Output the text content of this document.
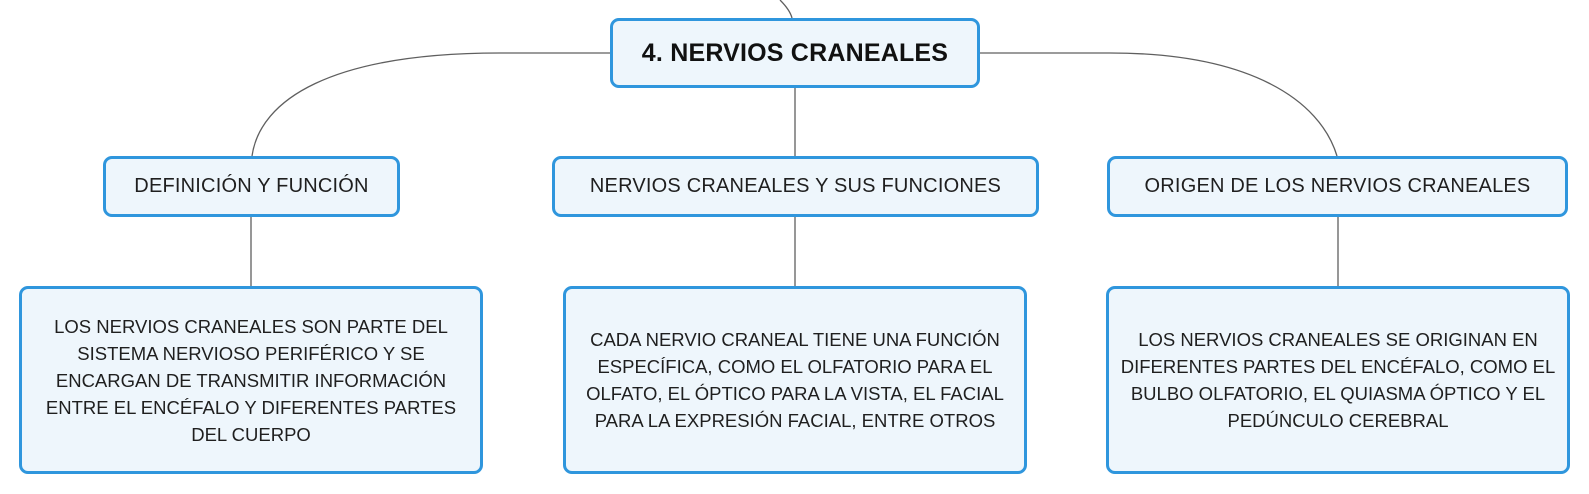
4. NERVIOS CRANEALES
DEFINICIÓN Y FUNCIÓN	NERVIOS CRANEALES Y SUS FUNCIONES	ORIGEN DE LOS NERVIOS CRANEALES
LOS NERVIOS CRANEALES SON PARTE DEL SISTEMA NERVIOSO PERIFÉRICO Y SE ENCARGAN DE TRANSMITIR INFORMACIÓN ENTRE EL ENCÉFALO Y DIFERENTES PARTES DEL CUERPO
CADA NERVIO CRANEAL TIENE UNA FUNCIÓN ESPECÍFICA, COMO EL OLFATORIO PARA EL OLFATO, EL ÓPTICO PARA LA VISTA, EL FACIAL PARA LA EXPRESIÓN FACIAL, ENTRE OTROS
LOS NERVIOS CRANEALES SE ORIGINAN EN DIFERENTES PARTES DEL ENCÉFALO, COMO EL BULBO OLFATORIO, EL QUIASMA ÓPTICO Y EL PEDÚNCULO CEREBRAL
